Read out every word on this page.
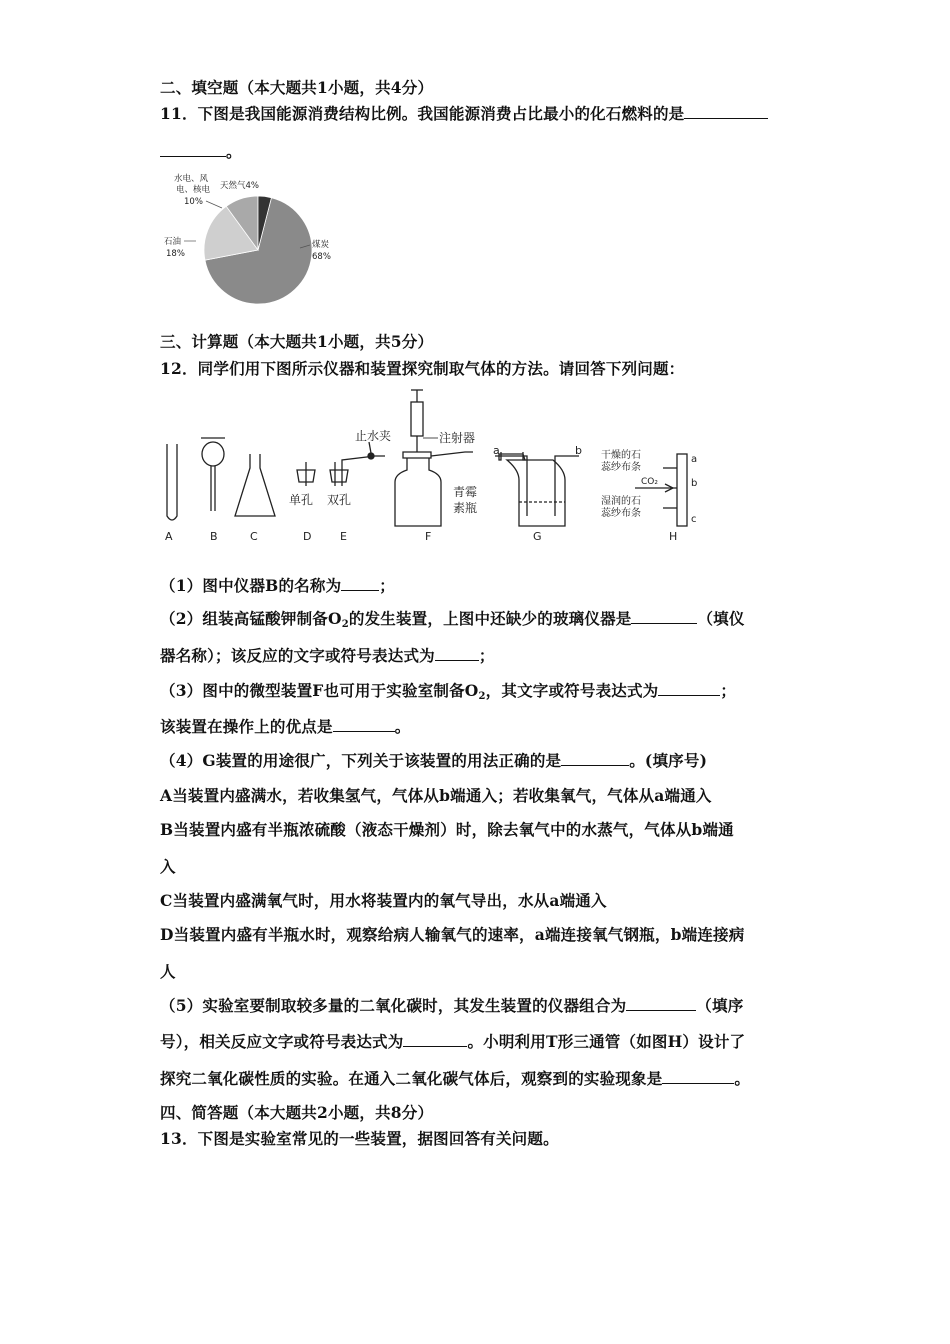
二、填空题（本大题共1小题，共4分）
11．下图是我国能源消费结构比例。我国能源消费占比最小的化石燃料的是
。
水电、风
电、核电
10%
天然气4%
石油
18%
煤炭
68%
三、计算题（本大题共1小题，共5分）
12．同学们用下图所示仪器和装置探究制取气体的方法。请回答下列问题：
A	B	C	D	E	F	G	H
止水夹	注射器
单孔 双孔
青霉
素瓶
a	b 干燥的石
蕊纱布条
CO₂
湿润的石
蕊纱布条
a
b
c
（1）图中仪器B的名称为 ；
（2）组装高锰酸钾制备$O_2$的发生装置，上图中还缺少的玻璃仪器是	（填仪
器名称）；该反应的文字或符号表达式为	；
（3）图中的微型装置F也可用于实验室制备$O_2$，其文字或符号表达式为	；
该装置在操作上的优点是	。
（4）G装置的用途很广，下列关于该装置的用法正确的是	。(填序号)
A当装置内盛满水，若收集氢气，气体从b端通入；若收集氧气，气体从a端通入
B当装置内盛有半瓶浓硫酸（液态干燥剂）时，除去氧气中的水蒸气，气体从b端通
入
C当装置内盛满氧气时，用水将装置内的氧气导出，水从a端通入
D当装置内盛有半瓶水时，观察给病人输氧气的速率，a端连接氧气钢瓶，b端连接病
人
（5）实验室要制取较多量的二氧化碳时，其发生装置的仪器组合为	（填序
号），相关反应文字或符号表达式为	。小明利用T形三通管（如图H）设计了
探究二氧化碳性质的实验。在通入二氧化碳气体后，观察到的实验现象是	。
四、简答题（本大题共2小题，共8分）
13．下图是实验室常见的一些装置，据图回答有关问题。
